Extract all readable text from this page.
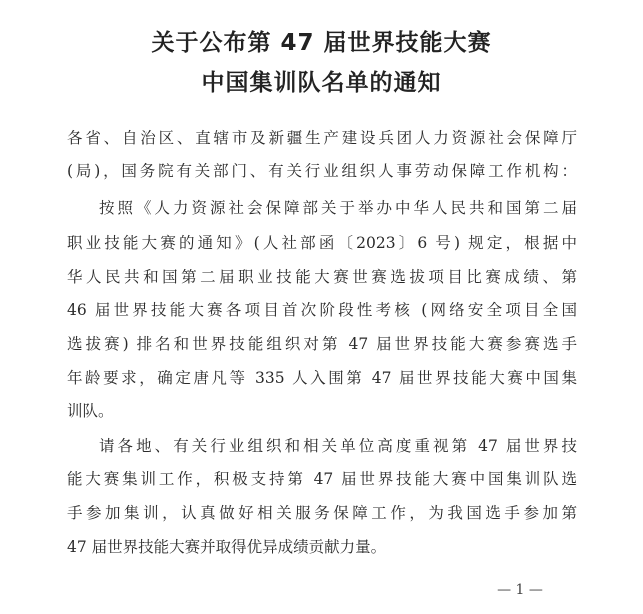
关于公布第 47 届世界技能大赛
中国集训队名单的通知
各省、自治区、直辖市及新疆生产建设兵团人力资源社会保障厅
(局)，国务院有关部门、有关行业组织人事劳动保障工作机构：
按照《人力资源社会保障部关于举办中华人民共和国第二届
职业技能大赛的通知》(人社部函〔2023〕6 号) 规定，根据中
华人民共和国第二届职业技能大赛世赛选拔项目比赛成绩、第
46 届世界技能大赛各项目首次阶段性考核 (网络安全项目全国
选拔赛) 排名和世界技能组织对第 47 届世界技能大赛参赛选手
年龄要求，确定唐凡等 335 人入围第 47 届世界技能大赛中国集
训队。
请各地、有关行业组织和相关单位高度重视第 47 届世界技
能大赛集训工作，积极支持第 47 届世界技能大赛中国集训队选
手参加集训，认真做好相关服务保障工作，为我国选手参加第
47 届世界技能大赛并取得优异成绩贡献力量。
— 1 —
